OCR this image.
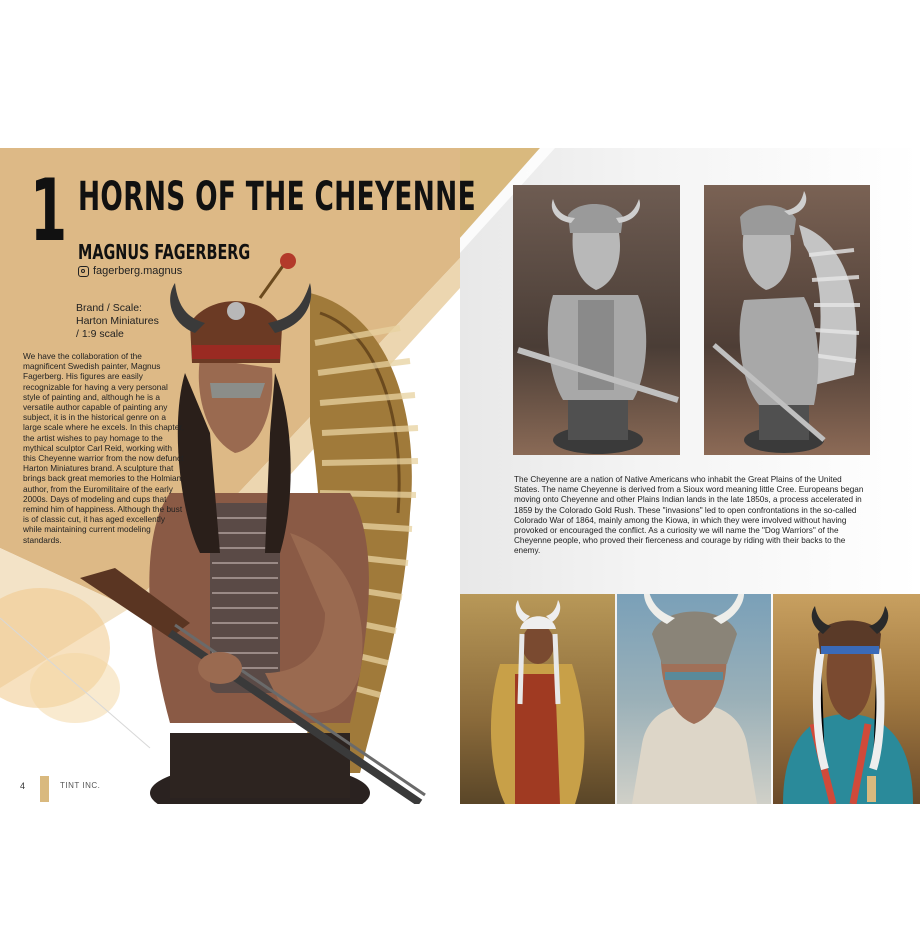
1 HORNS OF THE CHEYENNE
MAGNUS FAGERBERG
fagerberg.magnus
Brand / Scale:
Harton Miniatures
/ 1:9 scale
We have the collaboration of the magnificent Swedish painter, Magnus Fagerberg. His figures are easily recognizable for having a very personal style of painting and, although he is a versatile author capable of painting any subject, it is in the historical genre on a large scale where he excels. In this chapter, the artist wishes to pay homage to the mythical sculptor Carl Reid, working with this Cheyenne warrior from the now defunct Harton Miniatures brand. A sculpture that brings back great memories to the Holmian author, from the Euromilitaire of the early 2000s. Days of modeling and cups that remind him of happiness. Although the bust is of classic cut, it has aged excellently while maintaining current modeling standards.
The Cheyenne are a nation of Native Americans who inhabit the Great Plains of the United States. The name Cheyenne is derived from a Sioux word meaning little Cree. Europeans began moving onto Cheyenne and other Plains Indian lands in the late 1850s, a process accelerated in 1859 by the Colorado Gold Rush. These "invasions" led to open confrontations in the so-called Colorado War of 1864, mainly among the Kiowa, in which they were involved without having provoked or encouraged the conflict. As a curiosity we will name the "Dog Warriors" of the Cheyenne people, who proved their fierceness and courage by riding with their backs to the enemy.
4	TINT INC.
